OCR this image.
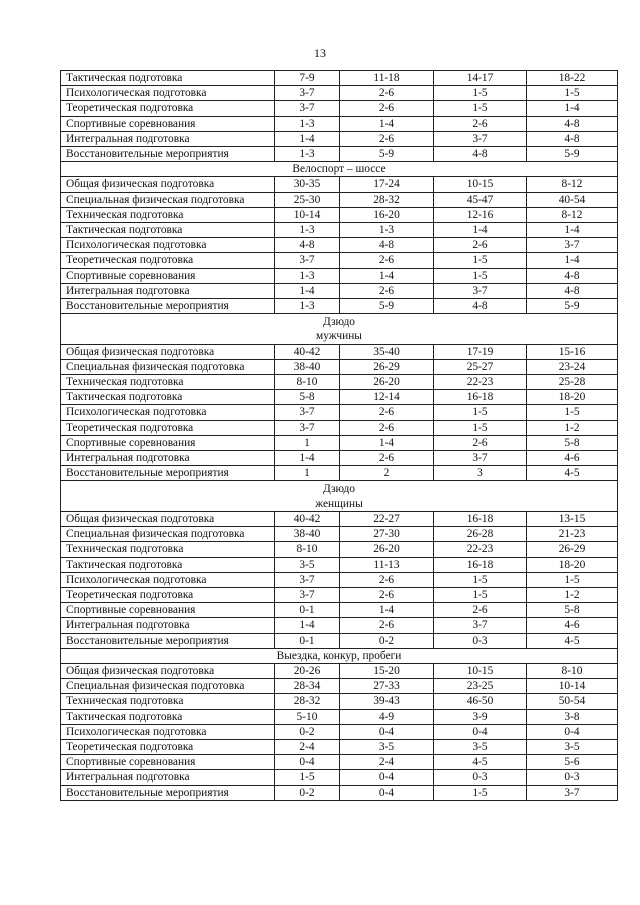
13
Тактическая подготовка	7-9	11-18	14-17	18-22
Психологическая подготовка	3-7	2-6	1-5	1-5
Теоретическая подготовка	3-7	2-6	1-5	1-4
Спортивные соревнования	1-3	1-4	2-6	4-8
Интегральная подготовка	1-4	2-6	3-7	4-8
Восстановительные мероприятия	1-3	5-9	4-8	5-9
Велоспорт – шоссе				
Общая физическая подготовка	30-35	17-24	10-15	8-12
Специальная физическая подготовка	25-30	28-32	45-47	40-54
Техническая подготовка	10-14	16-20	12-16	8-12
Тактическая подготовка	1-3	1-3	1-4	1-4
Психологическая подготовка	4-8	4-8	2-6	3-7
Теоретическая подготовка	3-7	2-6	1-5	1-4
Спортивные соревнования	1-3	1-4	1-5	4-8
Интегральная подготовка	1-4	2-6	3-7	4-8
Восстановительные мероприятия	1-3	5-9	4-8	5-9
Дзюдо

мужчины				

Общая физическая подготовка	40-42	35-40	17-19	15-16
Специальная физическая подготовка	38-40	26-29	25-27	23-24
Техническая подготовка	8-10	26-20	22-23	25-28
Тактическая подготовка	5-8	12-14	16-18	18-20
Психологическая подготовка	3-7	2-6	1-5	1-5
Теоретическая подготовка	3-7	2-6	1-5	1-2
Спортивные соревнования	1	1-4	2-6	5-8
Интегральная подготовка	1-4	2-6	3-7	4-6
Восстановительные мероприятия	1	2	3	4-5
Дзюдо

женщины				

Общая физическая подготовка	40-42	22-27	16-18	13-15
Специальная физическая подготовка	38-40	27-30	26-28	21-23
Техническая подготовка	8-10	26-20	22-23	26-29
Тактическая подготовка	3-5	11-13	16-18	18-20
Психологическая подготовка	3-7	2-6	1-5	1-5
Теоретическая подготовка	3-7	2-6	1-5	1-2
Спортивные соревнования	0-1	1-4	2-6	5-8
Интегральная подготовка	1-4	2-6	3-7	4-6
Восстановительные мероприятия	0-1	0-2	0-3	4-5
Выездка, конкур, пробеги				
Общая физическая подготовка	20-26	15-20	10-15	8-10
Специальная физическая подготовка	28-34	27-33	23-25	10-14
Техническая подготовка	28-32	39-43	46-50	50-54
Тактическая подготовка	5-10	4-9	3-9	3-8
Психологическая подготовка	0-2	0-4	0-4	0-4
Теоретическая подготовка	2-4	3-5	3-5	3-5
Спортивные соревнования	0-4	2-4	4-5	5-6
Интегральная подготовка	1-5	0-4	0-3	0-3
Восстановительные мероприятия	0-2	0-4	1-5	3-7
